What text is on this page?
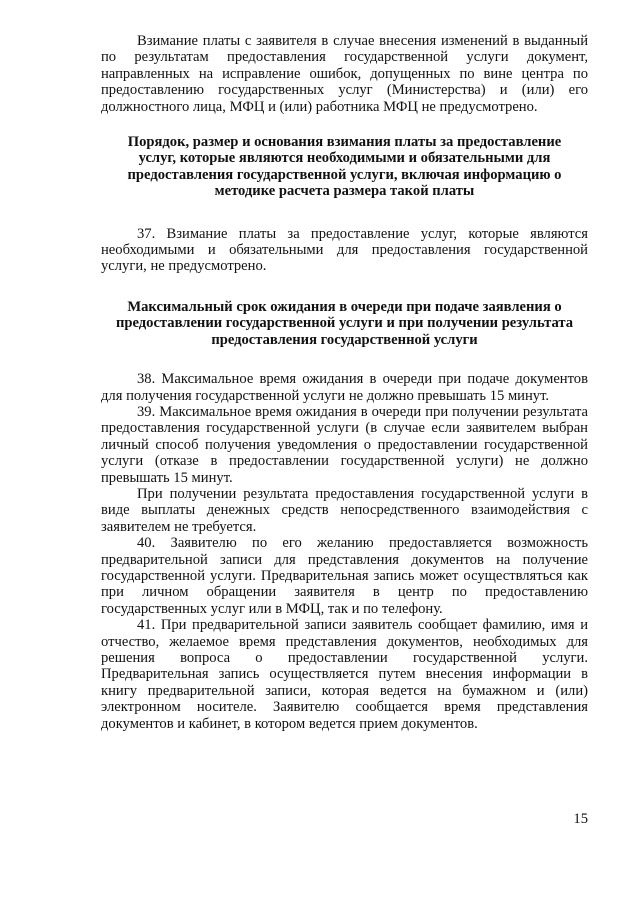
Взимание платы с заявителя в случае внесения изменений в выданный по результатам предоставления государственной услуги документ, направленных на исправление ошибок, допущенных по вине центра по предоставлению государственных услуг (Министерства) и (или) его должностного лица, МФЦ и (или) работника МФЦ не предусмотрено.

Порядок, размер и основания взимания платы за предоставление услуг, которые являются необходимыми и обязательными для предоставления государственной услуги, включая информацию о методике расчета размера такой платы

37. Взимание платы за предоставление услуг, которые являются необходимыми и обязательными для предоставления государственной услуги, не предусмотрено.

Максимальный срок ожидания в очереди при подаче заявления о предоставлении государственной услуги и при получении результата предоставления государственной услуги

38. Максимальное время ожидания в очереди при подаче документов для получения государственной услуги не должно превышать 15 минут.

39. Максимальное время ожидания в очереди при получении результата предоставления государственной услуги (в случае если заявителем выбран личный способ получения уведомления о предоставлении государственной услуги (отказе в предоставлении государственной услуги) не должно превышать 15 минут.

При получении результата предоставления государственной услуги в виде выплаты денежных средств непосредственного взаимодействия с заявителем не требуется.

40. Заявителю по его желанию предоставляется возможность предварительной записи для представления документов на получение государственной услуги. Предварительная запись может осуществляться как при личном обращении заявителя в центр по предоставлению государственных услуг или в МФЦ, так и по телефону.

41. При предварительной записи заявитель сообщает фамилию, имя и отчество, желаемое время представления документов, необходимых для решения вопроса о предоставлении государственной услуги. Предварительная запись осуществляется путем внесения информации в книгу предварительной записи, которая ведется на бумажном и (или) электронном носителе. Заявителю сообщается время представления документов и кабинет, в котором ведется прием документов.

15
